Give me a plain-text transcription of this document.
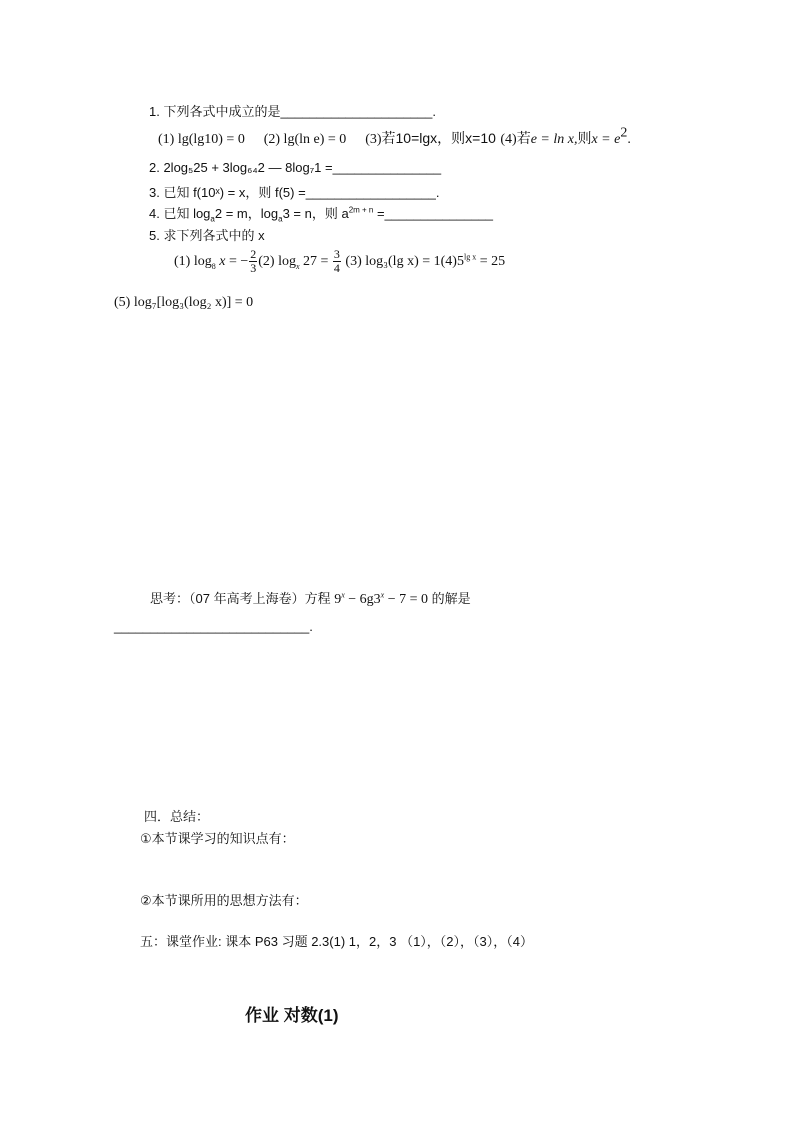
1. 下列各式中成立的是_____________________.
(1) lg(lg10) = 0 (2) lg(ln e) = 0 (3)若10=lgx，则x=10 (4)若e = ln x,则$x = e^2$.
2. 2log₅25 + 3log₆₄2 — 8log₇1 =_______________
3. 已知 f(10ˣ) = x，则 f(5) =__________________.
4. 已知 $\log_a2 = m$，$\log_a3 = n$，则 $a^{2m + n}$ =_______________
5. 求下列各式中的 x
(1) $\log_8 x$ = − $\frac{2}{3} (2)$ $\log_x 27 = \frac{3}{4} (3)$ log₃(lg $x) = 1(4)5^{lg x} = 25$
(5) log₇[log₃(log₂ x)] = 0
思考：（07 年高考上海卷）方程 $9^x - 6g3^x - 7 = 0$ 的解是
___________________________.
四．总结：
①本节课学习的知识点有：
②本节课所用的思想方法有：
五：课堂作业: 课本 P63 习题 2.3(1) 1，2，3 （1），（2），（3），（4）
作业 对数(1)
